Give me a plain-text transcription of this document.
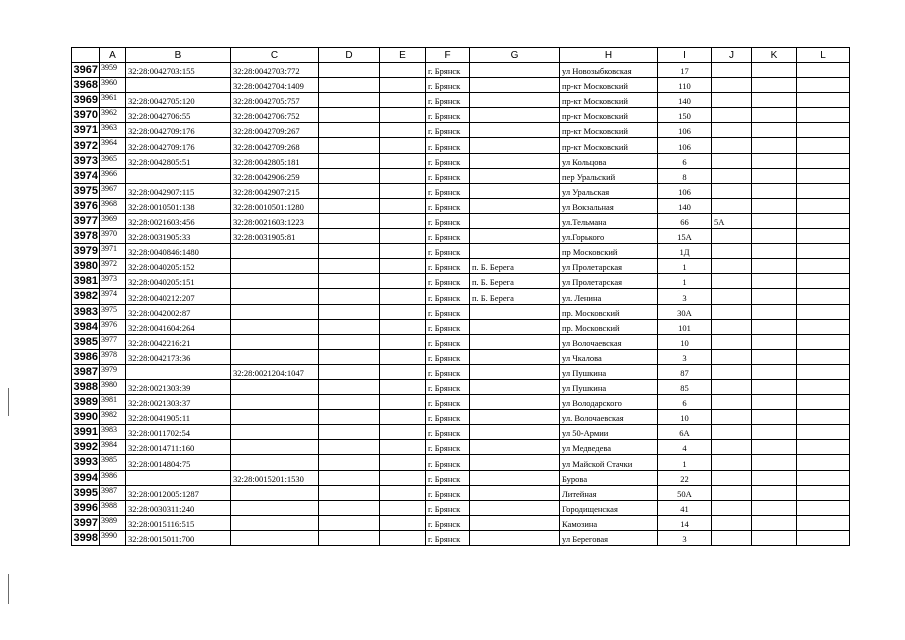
	A	B	C	D	E	F	G	H	I	J	K	L
3967	3959	32:28:0042703:155	32:28:0042703:772			г. Брянск		ул Новозыбковская	17			
3968	3960		32:28:0042704:1409			г. Брянск		пр-кт Московский	110			
3969	3961	32:28:0042705:120	32:28:0042705:757			г. Брянск		пр-кт Московский	140			
3970	3962	32:28:0042706:55	32:28:0042706:752			г. Брянск		пр-кт Московский	150			
3971	3963	32:28:0042709:176	32:28:0042709:267			г. Брянск		пр-кт Московский	106			
3972	3964	32:28:0042709:176	32:28:0042709:268			г. Брянск		пр-кт Московский	106			
3973	3965	32:28:0042805:51	32:28:0042805:181			г. Брянск		ул Кольцова	6			
3974	3966		32:28:0042906:259			г. Брянск		пер Уральский	8			
3975	3967	32:28:0042907:115	32:28:0042907:215			г. Брянск		ул Уральская	106			
3976	3968	32:28:0010501:138	32:28:0010501:1280			г. Брянск		ул Вокзальная	140			
3977	3969	32:28:0021603:456	32:28:0021603:1223			г. Брянск		ул.Тельмана	66	5А		
3978	3970	32:28:0031905:33	32:28:0031905:81			г. Брянск		ул.Горького	15А			
3979	3971	32:28:0040846:1480				г. Брянск		пр Московский	1Д			
3980	3972	32:28:0040205:152				г. Брянск	п. Б. Берега	ул Пролетарская	1			
3981	3973	32:28:0040205:151				г. Брянск	п. Б. Берега	ул Пролетарская	1			
3982	3974	32:28:0040212:207				г. Брянск	п. Б. Берега	ул. Ленина	3			
3983	3975	32:28:0042002:87				г. Брянск		пр. Московский	30А			
3984	3976	32:28:0041604:264				г. Брянск		пр. Московский	101			
3985	3977	32:28:0042216:21				г. Брянск		ул Волочаевская	10			
3986	3978	32:28:0042173:36				г. Брянск		ул Чкалова	3			
3987	3979		32:28:0021204:1047			г. Брянск		ул Пушкина	87			
3988	3980	32:28:0021303:39				г. Брянск		ул Пушкина	85			
3989	3981	32:28:0021303:37				г. Брянск		ул Володарского	6			
3990	3982	32:28:0041905:11				г. Брянск		ул. Волочаевская	10			
3991	3983	32:28:0011702:54				г. Брянск		ул 50-Армии	6А			
3992	3984	32:28:0014711:160				г. Брянск		ул Медведева	4			
3993	3985	32:28:0014804:75				г. Брянск		ул Майской Стачки	1			
3994	3986		32:28:0015201:1530			г. Брянск		Бурова	22			
3995	3987	32:28:0012005:1287				г. Брянск		Литейная	50А			
3996	3988	32:28:0030311:240				г. Брянск		Городищенская	41			
3997	3989	32:28:0015116:515				г. Брянск		Камозина	14			
3998	3990	32:28:0015011:700				г. Брянск		ул Береговая	3			
